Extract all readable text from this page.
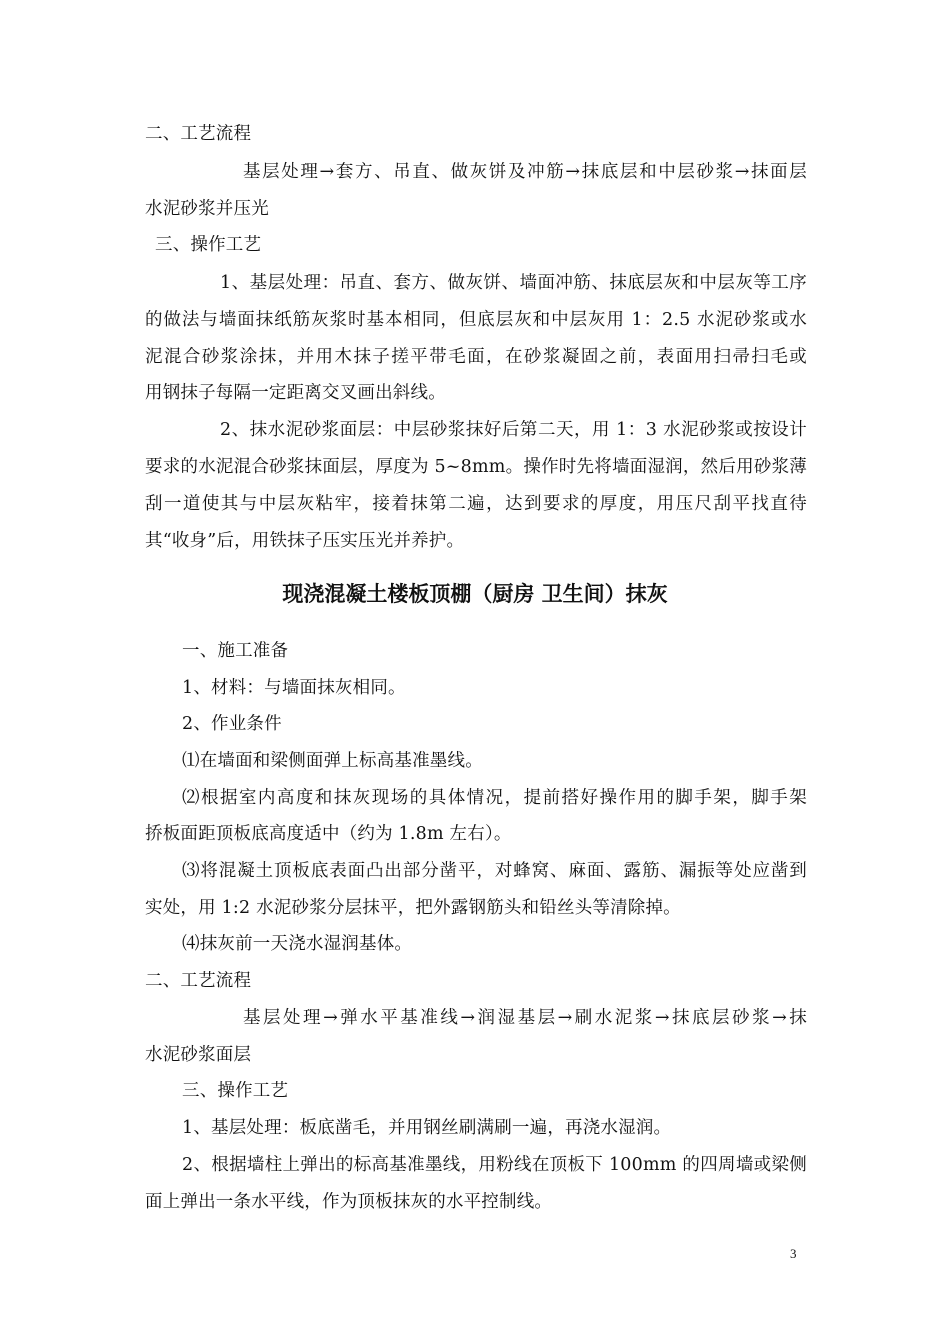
二、工艺流程
基层处理→套方、吊直、做灰饼及冲筋→抹底层和中层砂浆→抹面层
水泥砂浆并压光
三、操作工艺
1、基层处理：吊直、套方、做灰饼、墙面冲筋、抹底层灰和中层灰等工序
的做法与墙面抹纸筋灰浆时基本相同，但底层灰和中层灰用 1：2.5 水泥砂浆或水
泥混合砂浆涂抹，并用木抹子搓平带毛面，在砂浆凝固之前，表面用扫帚扫毛或
用钢抹子每隔一定距离交叉画出斜线。
2、抹水泥砂浆面层：中层砂浆抹好后第二天，用 1：3 水泥砂浆或按设计
要求的水泥混合砂浆抹面层，厚度为 5~8mm。操作时先将墙面湿润，然后用砂浆薄
刮一道使其与中层灰粘牢，接着抹第二遍，达到要求的厚度，用压尺刮平找直待
其“收身”后，用铁抹子压实压光并养护。
现浇混凝土楼板顶棚（厨房 卫生间）抹灰
一、施工准备
1、材料：与墙面抹灰相同。
2、作业条件
⑴在墙面和梁侧面弹上标高基准墨线。
⑵根据室内高度和抹灰现场的具体情况，提前搭好操作用的脚手架，脚手架
挢板面距顶板底高度适中（约为 1.8m 左右）。
⑶将混凝土顶板底表面凸出部分凿平，对蜂窝、麻面、露筋、漏振等处应凿到
实处，用 1:2 水泥砂浆分层抹平，把外露钢筋头和铅丝头等清除掉。
⑷抹灰前一天浇水湿润基体。
二、工艺流程
基层处理→弹水平基准线→润湿基层→刷水泥浆→抹底层砂浆→抹
水泥砂浆面层
三、操作工艺
1、基层处理：板底凿毛，并用钢丝刷满刷一遍，再浇水湿润。
2、根据墙柱上弹出的标高基准墨线，用粉线在顶板下 100mm 的四周墙或梁侧
面上弹出一条水平线，作为顶板抹灰的水平控制线。
3
